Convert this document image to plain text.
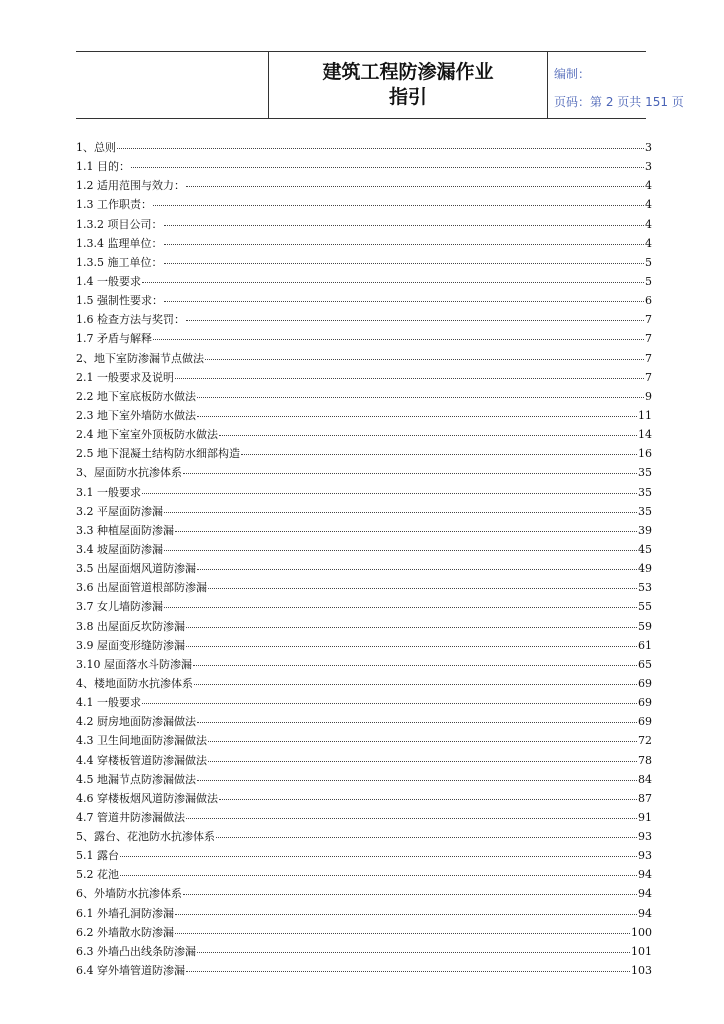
建筑工程防渗漏作业
指引
编制：
页码：第 2 页共 151 页
1、总则	3
1.1 目的：	3
1.2 适用范围与效力：	4
1.3 工作职责：	4
1.3.2 项目公司：	4
1.3.4 监理单位：	4
1.3.5 施工单位：	5
1.4 一般要求	5
1.5 强制性要求：	6
1.6 检查方法与奖罚：	7
1.7 矛盾与解释	7
2、地下室防渗漏节点做法	7
2.1 一般要求及说明	7
2.2 地下室底板防水做法	9
2.3 地下室外墙防水做法	11
2.4 地下室室外顶板防水做法	14
2.5 地下混凝土结构防水细部构造	16
3、屋面防水抗渗体系	35
3.1 一般要求	35
3.2 平屋面防渗漏	35
3.3 种植屋面防渗漏	39
3.4 坡屋面防渗漏	45
3.5 出屋面烟风道防渗漏	49
3.6 出屋面管道根部防渗漏	53
3.7 女儿墙防渗漏	55
3.8 出屋面反坎防渗漏	59
3.9 屋面变形缝防渗漏	61
3.10 屋面落水斗防渗漏	65
4、楼地面防水抗渗体系	69
4.1 一般要求	69
4.2 厨房地面防渗漏做法	69
4.3 卫生间地面防渗漏做法	72
4.4 穿楼板管道防渗漏做法	78
4.5 地漏节点防渗漏做法	84
4.6 穿楼板烟风道防渗漏做法	87
4.7 管道井防渗漏做法	91
5、露台、花池防水抗渗体系	93
5.1 露台	93
5.2 花池	94
6、外墙防水抗渗体系	94
6.1 外墙孔洞防渗漏	94
6.2 外墙散水防渗漏	100
6.3 外墙凸出线条防渗漏	101
6.4 穿外墙管道防渗漏	103
